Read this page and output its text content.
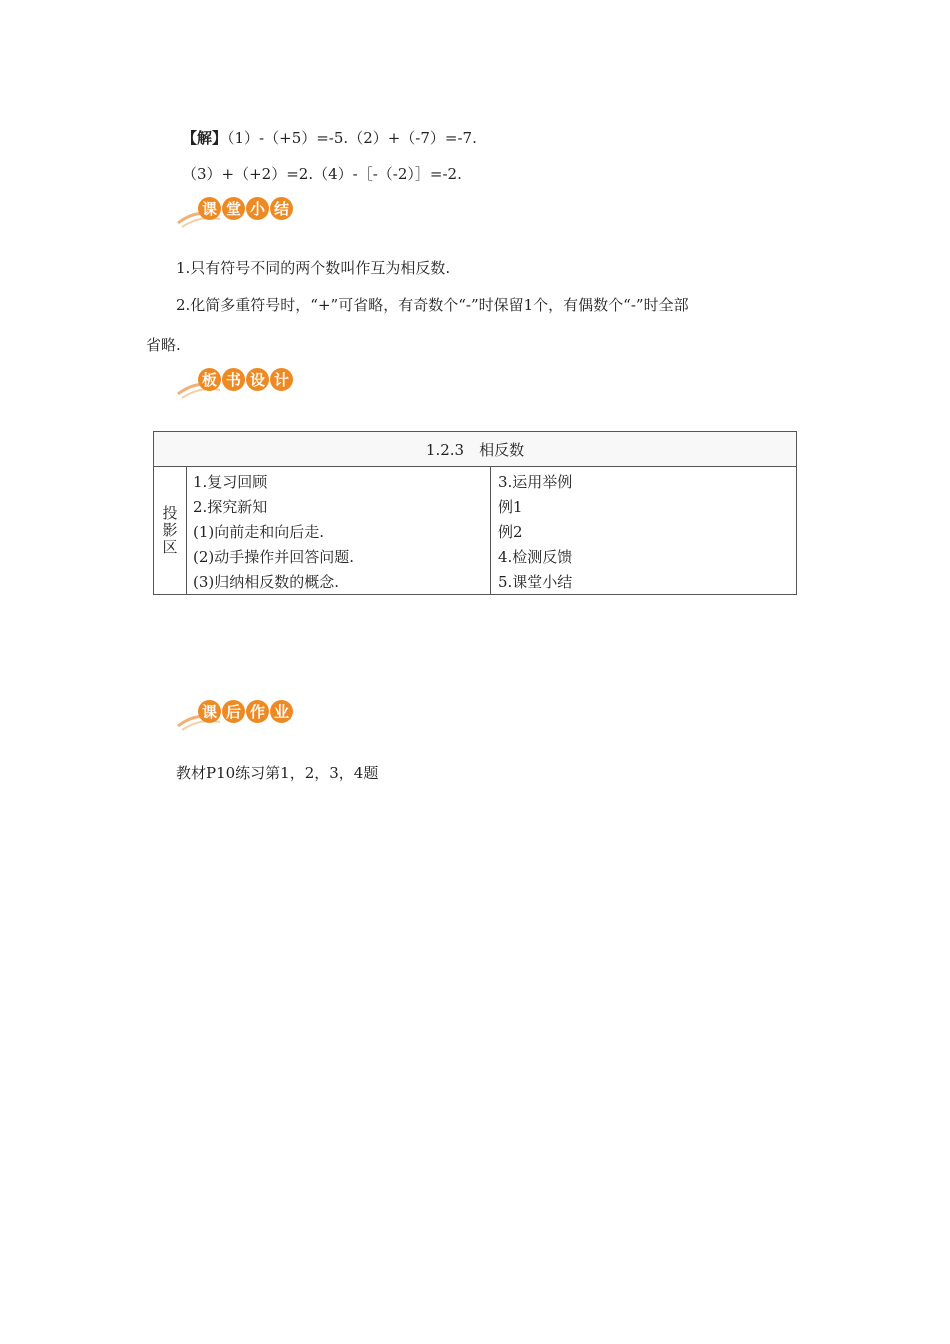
【解】（1）-（+5）=-5.（2）+（-7）=-7.
（3）+（+2）=2.（4）-［-（-2）］=-2.
课 堂 小 结
1.只有符号不同的两个数叫作互为相反数.
2.化简多重符号时，“+”可省略，有奇数个“-”时保留1个，有偶数个“-”时全部
省略.
板 书 设 计
1.2.3　相反数
投
影
区
1.复习回顾
2.探究新知
(1)向前走和向后走.
(2)动手操作并回答问题.
(3)归纳相反数的概念.
3.运用举例
例1
例2
4.检测反馈
5.课堂小结
课 后 作 业
教材P10练习第1，2，3，4题
